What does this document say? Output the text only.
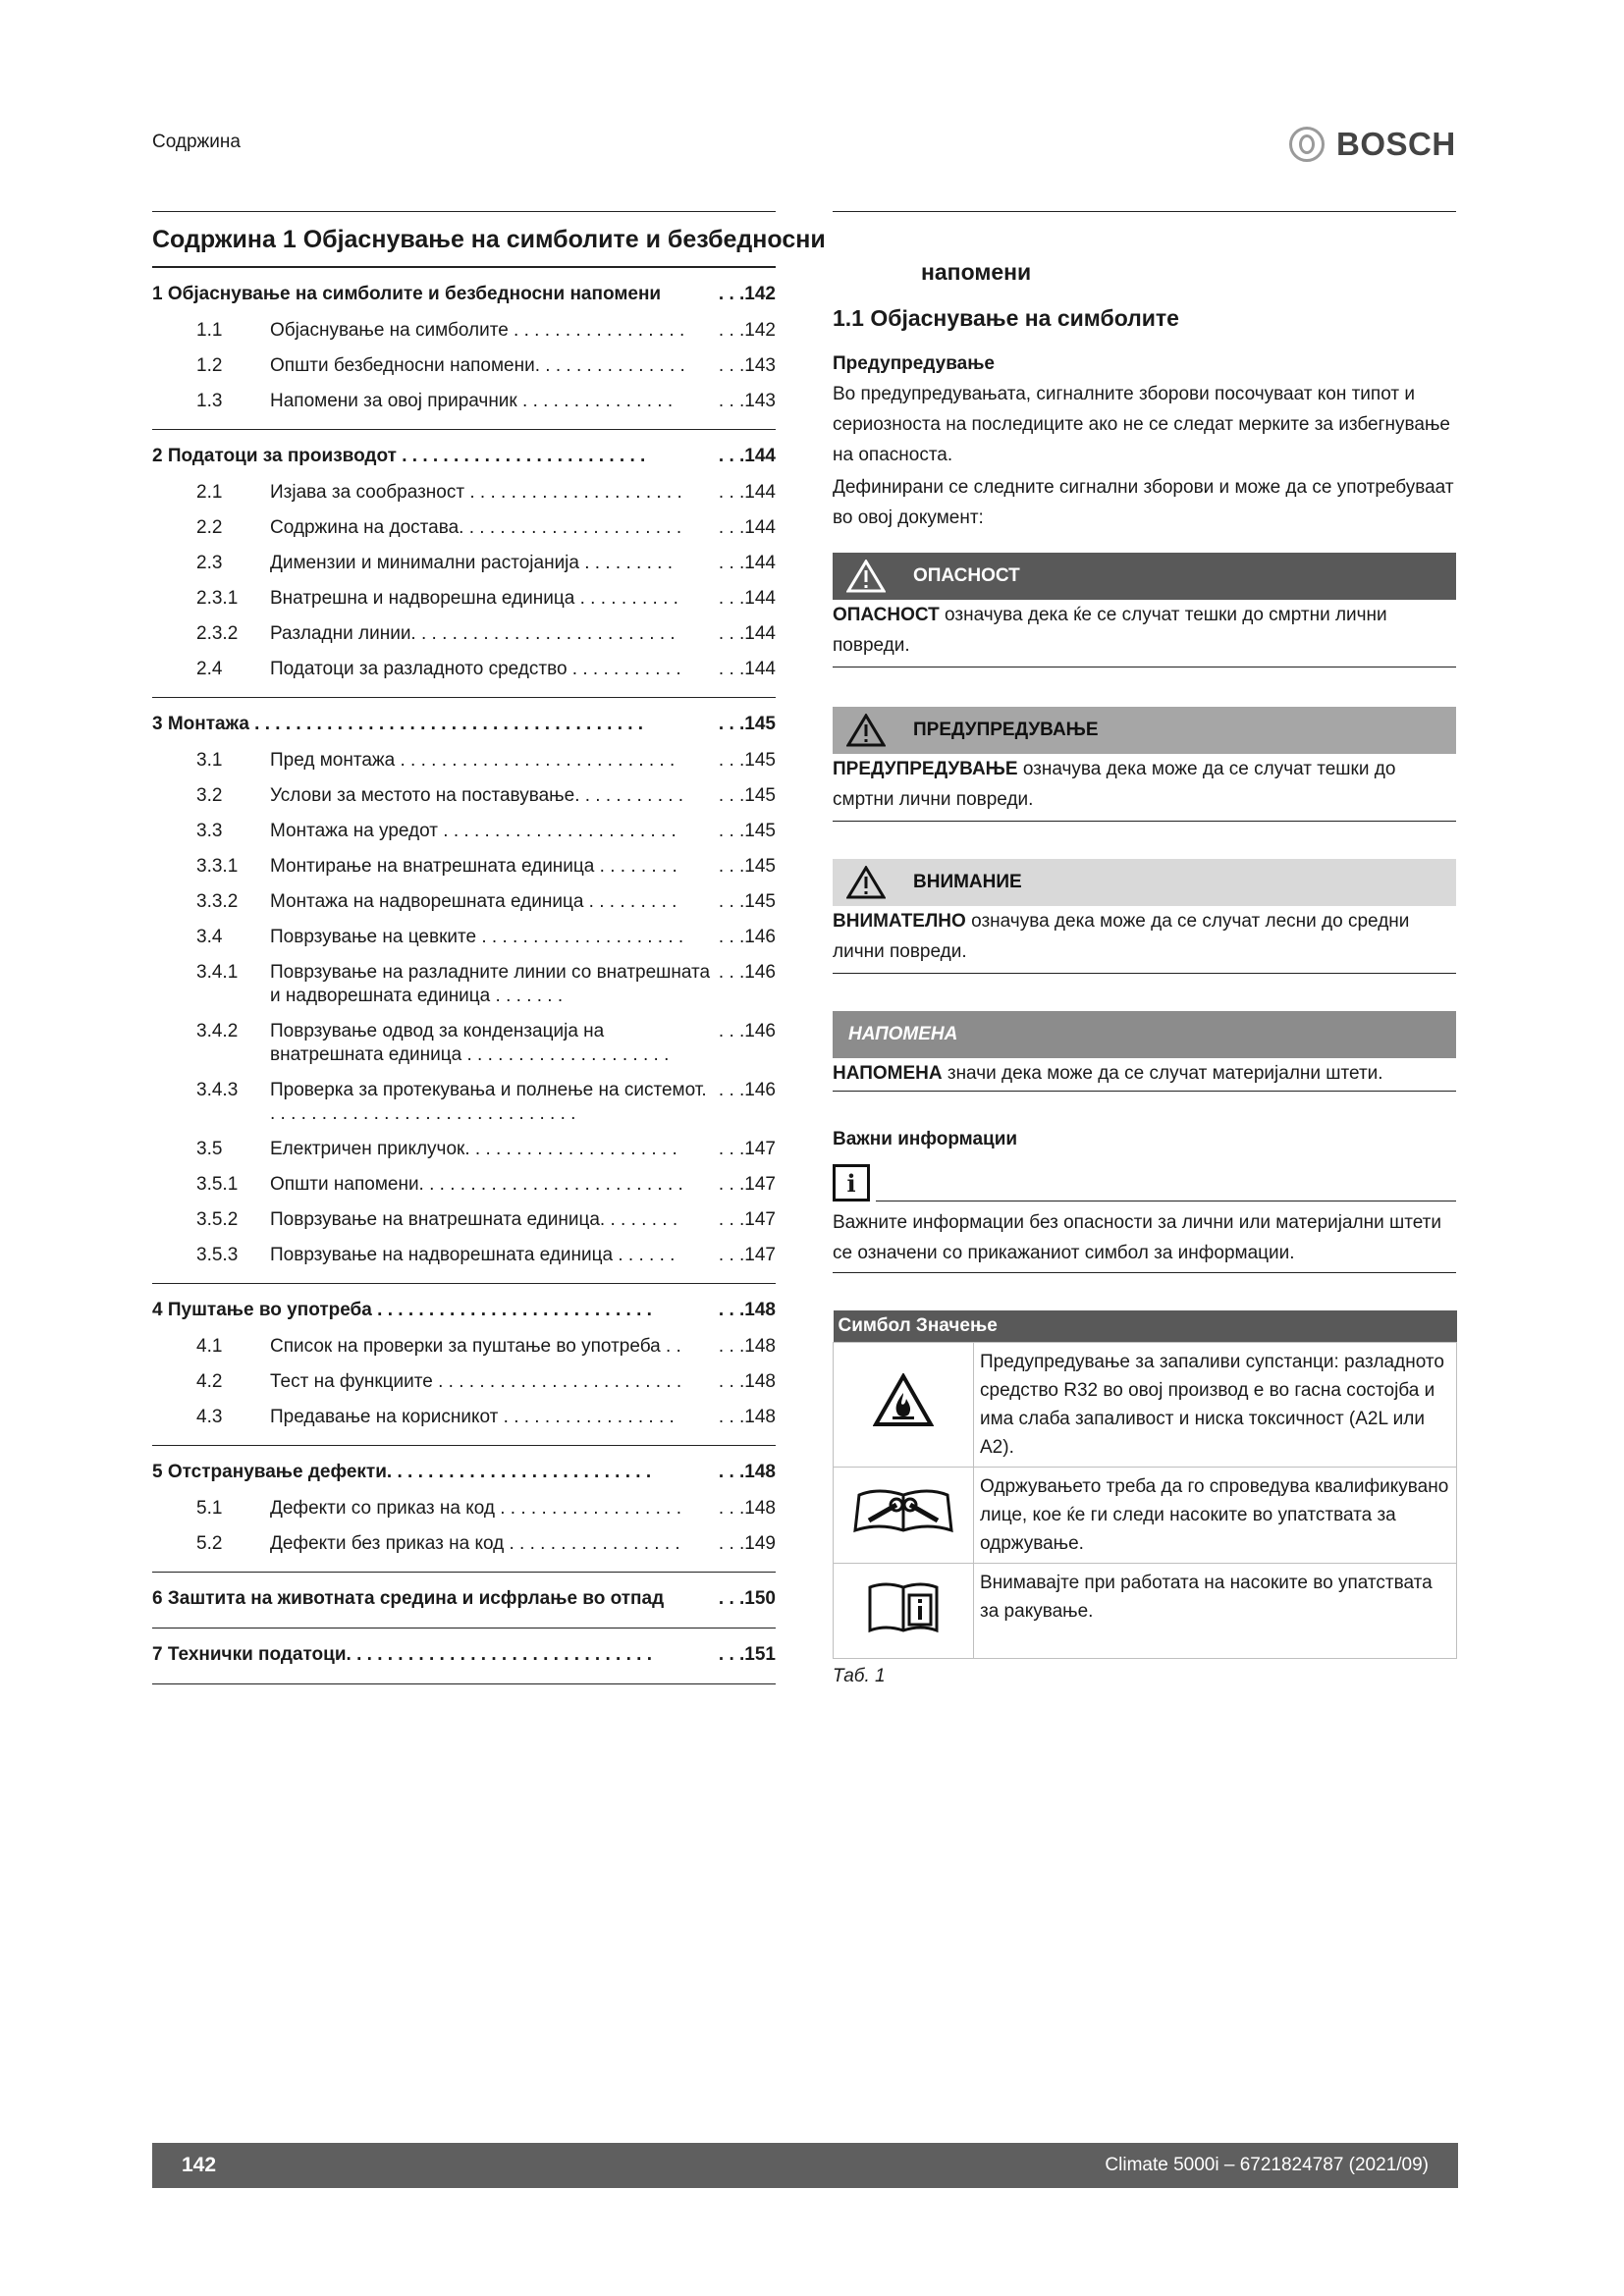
Содржина	BOSCH
Содржина 1 Објаснување на симболите и безбедносни
1 Објаснување на симболите и безбедносни напомени	. . .142
1.1	Објаснување на симболите . . . . . . . . . . . . . . . . .	. . .142
1.2	Општи безбедносни напомени. . . . . . . . . . . . . . .	. . .143
1.3	Напомени за овој прирачник . . . . . . . . . . . . . . .	. . .143
2 Податоци за производот . . . . . . . . . . . . . . . . . . . . . . . .	. . .144
2.1	Изјава за сообразност . . . . . . . . . . . . . . . . . . . . .	. . .144
2.2	Содржина на достава. . . . . . . . . . . . . . . . . . . . . .	. . .144
2.3	Димензии и минимални растојанија . . . . . . . . .	. . .144
2.3.1	Внатрешна и надворешна единица . . . . . . . . . .	. . .144
2.3.2	Разладни линии. . . . . . . . . . . . . . . . . . . . . . . . . .	. . .144
2.4	Податоци за разладното средство . . . . . . . . . . .	. . .144
3 Монтажа . . . . . . . . . . . . . . . . . . . . . . . . . . . . . . . . . . . . . .	. . .145
3.1	Пред монтажа . . . . . . . . . . . . . . . . . . . . . . . . . . .	. . .145
3.2	Услови за местото на поставување. . . . . . . . . . .	. . .145
3.3	Монтажа на уредот . . . . . . . . . . . . . . . . . . . . . . .	. . .145
3.3.1	Монтирање на внатрешната единица . . . . . . . .	. . .145
3.3.2	Монтажа на надворешната единица . . . . . . . . .	. . .145
3.4	Поврзување на цевките . . . . . . . . . . . . . . . . . . . .	. . .146
3.4.1	Поврзување на разладните линии со внатрешната и надворешната единица . . . . . . .
. . .146
3.4.2	Поврзување одвод за кондензација на внатрешната единица . . . . . . . . . . . . . . . . . . . .
. . .146
3.4.3	Проверка за протекувања и полнење на системот. . . . . . . . . . . . . . . . . . . . . . . . . . . . . . .
. . .146
3.5	Електричен приклучок. . . . . . . . . . . . . . . . . . . . .	. . .147
3.5.1	Општи напомени. . . . . . . . . . . . . . . . . . . . . . . . . .	. . .147
3.5.2	Поврзување на внатрешната единица. . . . . . . .	. . .147
3.5.3	Поврзување на надворешната единица . . . . . .	. . .147
4 Пуштање во употреба . . . . . . . . . . . . . . . . . . . . . . . . . . .	. . .148
4.1	Список на проверки за пуштање во употреба . .	. . .148
4.2	Тест на функциите . . . . . . . . . . . . . . . . . . . . . . . .	. . .148
4.3	Предавање на корисникот . . . . . . . . . . . . . . . . .	. . .148
5 Отстранување дефекти. . . . . . . . . . . . . . . . . . . . . . . . . .	. . .148
5.1	Дефекти со приказ на код . . . . . . . . . . . . . . . . . .	. . .148
5.2	Дефекти без приказ на код . . . . . . . . . . . . . . . . .	. . .149
6 Заштита на животната средина и исфрлање во отпад	. . .150
7 Технички податоци. . . . . . . . . . . . . . . . . . . . . . . . . . . . . .	. . .151
напомени
1.1 Објаснување на симболите
Предупредување
Во предупредувањата, сигналните зборови посочуваат кон типот и сериозноста на последиците ако не се следат мерките за избегнување на опасноста.
Дефинирани се следните сигнални зборови и може да се употребуваат во овој документ:
ОПАСНОСТ
ОПАСНОСТ означува дека ќе се случат тешки до смртни лични повреди.
ПРЕДУПРЕДУВАЊЕ
ПРЕДУПРЕДУВАЊЕ означува дека може да се случат тешки до смртни лични повреди.
ВНИМАНИЕ
ВНИМАТЕЛНО означува дека може да се случат лесни до средни лични повреди.
НАПОМЕНА
НАПОМЕНА значи дека може да се случат материјални штети.
Важни информации
i
Важните информации без опасности за лични или материјални штети се означени со прикажаниот симбол за информации.
Симбол Значење	
	Предупредување за запаливи супстанци: разладното средство R32 во овој производ е во гасна состојба и има слаба запаливост и ниска токсичност (A2L или A2).
	Одржувањето треба да го спроведува квалификувано лице, кое ќе ги следи насоките во упатствата за одржување.
	Внимавајте при работата на насоките во упатствата за ракување.
Таб. 1
142	Climate 5000i – 6721824787 (2021/09)
